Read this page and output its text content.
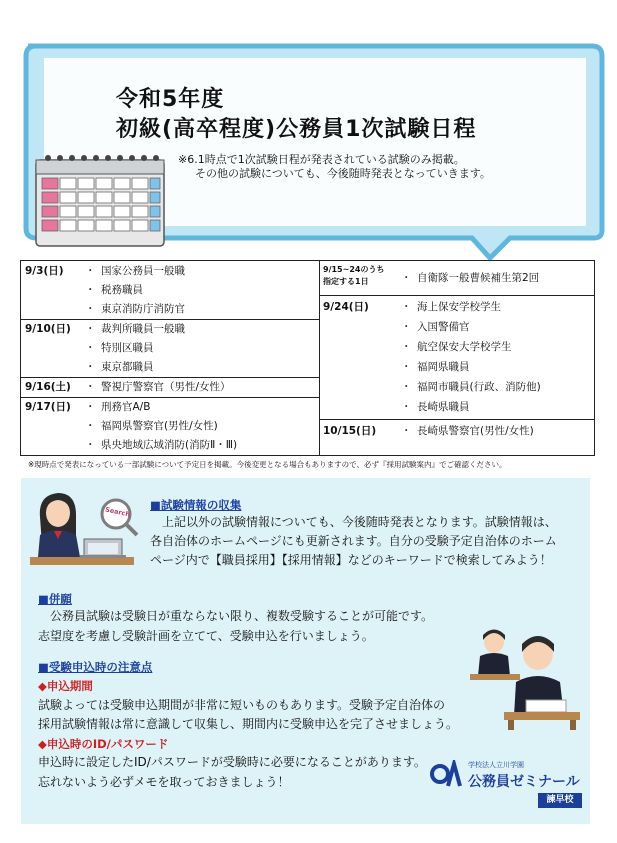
令和5年度
初級(高卒程度)公務員1次試験日程
※6.1時点で1次試験日程が発表されている試験のみ掲載。
その他の試験についても、今後随時発表となっていきます。
9/3(日) ・ 国家公務員一般職
・ 税務職員
・ 東京消防庁消防官
9/10(日) ・ 裁判所職員一般職
・ 特別区職員
・ 東京都職員
9/16(土) ・ 警視庁警察官（男性/女性）
9/17(日) ・ 刑務官A/B
・ 福岡県警察官(男性/女性)
・ 県央地域広域消防(消防Ⅱ・Ⅲ)
9/15~24のうち
指定する1日	・ 自衛隊一般曹候補生第2回
9/24(日)	・ 海上保安学校学生
・ 入国警備官
・ 航空保安大学校学生
・ 福岡県職員
・ 福岡市職員(行政、消防他)
・ 長崎県職員
10/15(日) ・ 長崎県警察官(男性/女性)
※現時点で発表になっている一部試験について予定日を掲載。今後変更となる場合もありますので、必ず『採用試験案内』でご確認ください。
Search ■試験情報の収集
上記以外の試験情報についても、今後随時発表となります。試験情報は、
各自治体のホームページにも更新されます。自分の受験予定自治体のホーム
ページ内で【職員採用】【採用情報】などのキーワードで検索してみよう！
■併願
公務員試験は受験日が重ならない限り、複数受験することが可能です。
志望度を考慮し受験計画を立てて、受験申込を行いましょう。
■受験申込時の注意点
◆申込期間
試験よっては受験申込期間が非常に短いものもあります。受験予定自治体の
採用試験情報は常に意識して収集し、期間内に受験申込を完了させましょう。
◆申込時のID/パスワード
申込時に設定したID/パスワードが受験時に必要になることがあります。
忘れないよう必ずメモを取っておきましょう！
学校法人立川学園
公務員ゼミナール
諫早校
